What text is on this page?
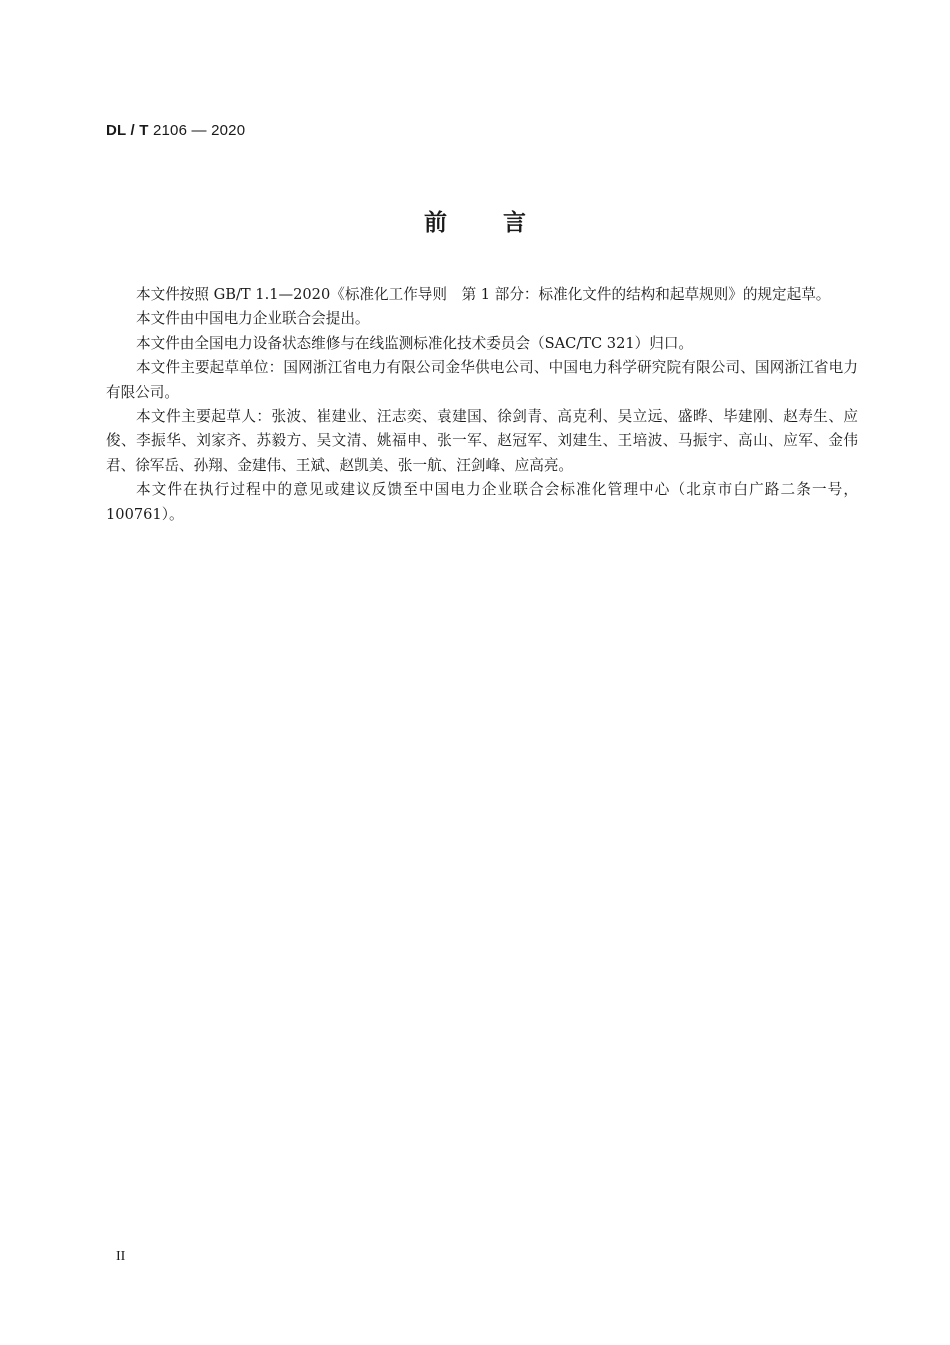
DL / T 2106 — 2020
前言

本文件按照 GB/T 1.1—2020《标准化工作导则　第 1 部分：标准化文件的结构和起草规则》的规定起草。

本文件由中国电力企业联合会提出。

本文件由全国电力设备状态维修与在线监测标准化技术委员会（SAC/TC 321）归口。

本文件主要起草单位：国网浙江省电力有限公司金华供电公司、中国电力科学研究院有限公司、国网浙江省电力有限公司。

本文件主要起草人：张波、崔建业、汪志奕、袁建国、徐剑青、高克利、吴立远、盛晔、毕建刚、赵寿生、应俊、李振华、刘家齐、苏毅方、吴文清、姚福申、张一军、赵冠军、刘建生、王培波、马振宇、高山、应军、金伟君、徐军岳、孙翔、金建伟、王斌、赵凯美、张一航、汪剑峰、应高亮。

本文件在执行过程中的意见或建议反馈至中国电力企业联合会标准化管理中心（北京市白广路二条一号，100761）。

II
